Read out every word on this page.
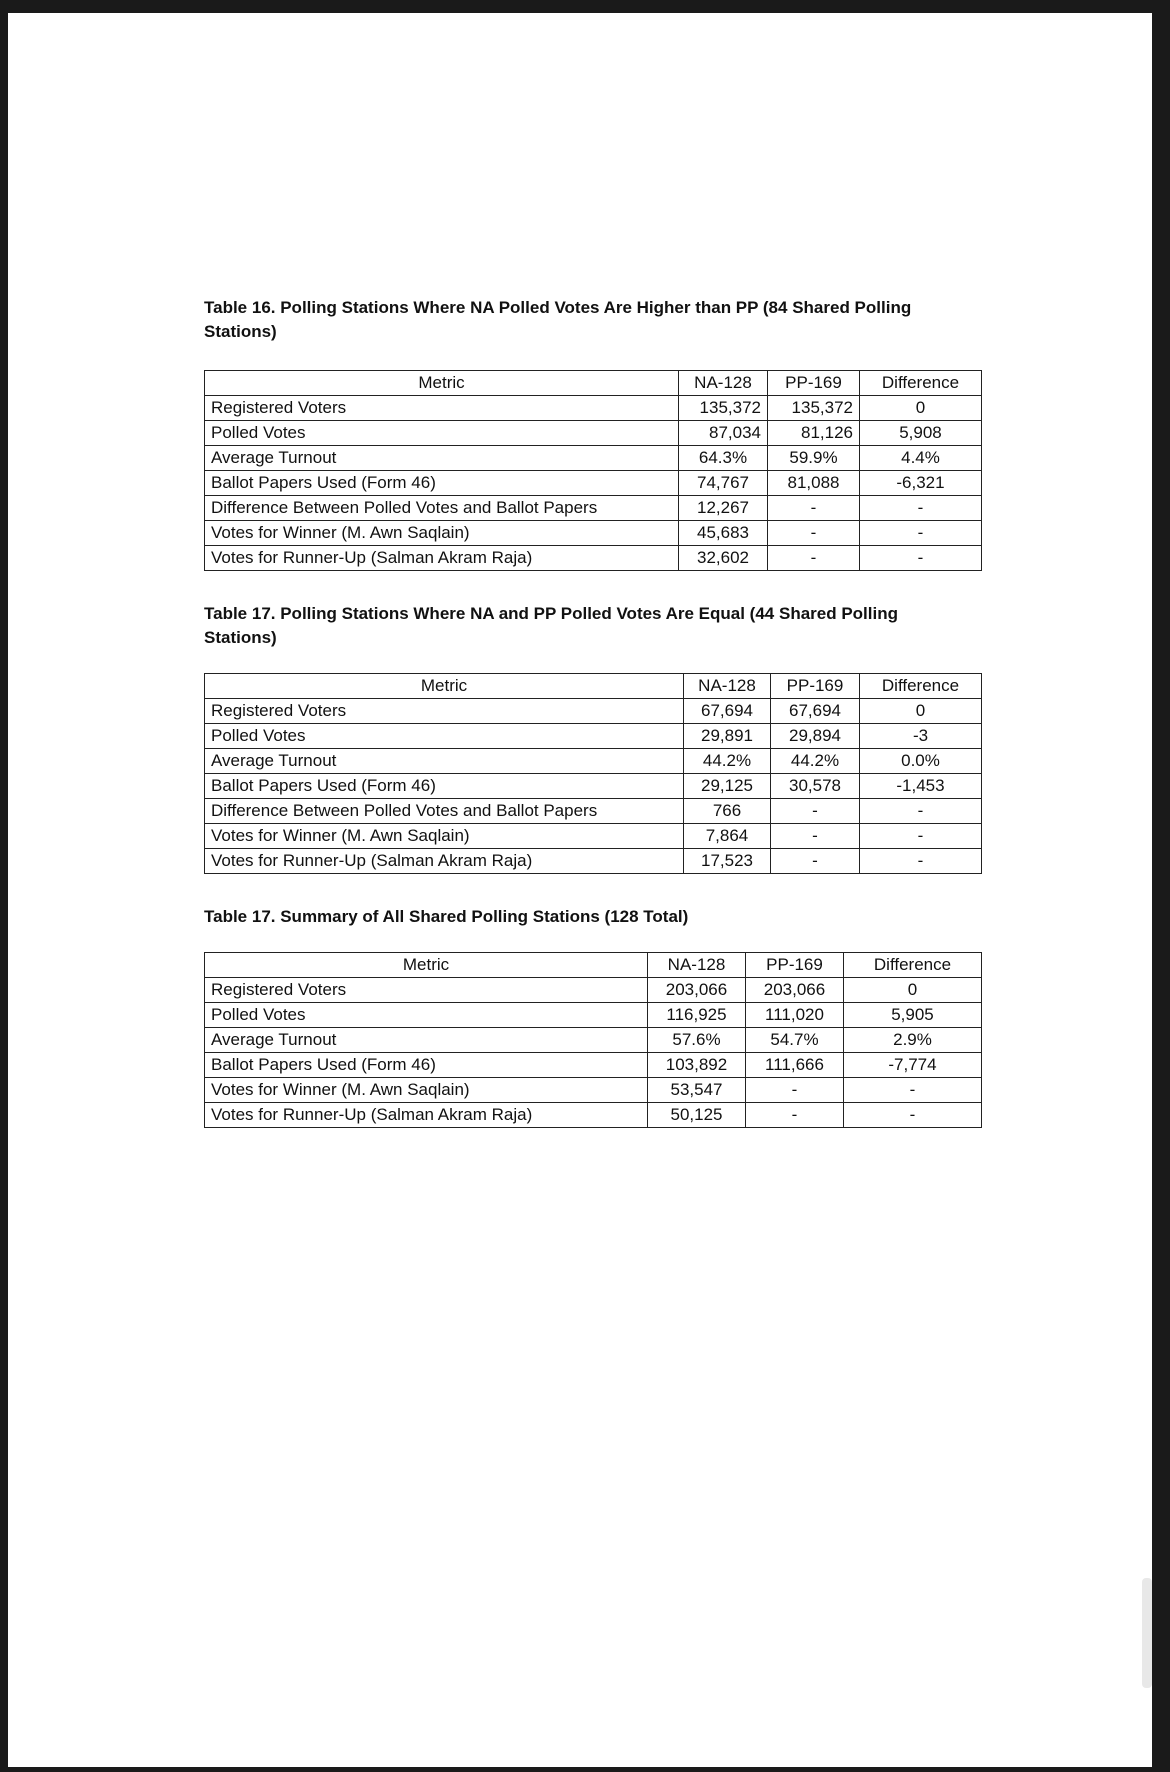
Table 16. Polling Stations Where NA Polled Votes Are Higher than PP (84 Shared Polling Stations)
Metric	NA-128	PP-169	Difference
Registered Voters	135,372	135,372	0
Polled Votes	87,034	81,126	5,908
Average Turnout	64.3%	59.9%	4.4%
Ballot Papers Used (Form 46)	74,767	81,088	-6,321
Difference Between Polled Votes and Ballot Papers	12,267	-	-
Votes for Winner (M. Awn Saqlain)	45,683	-	-
Votes for Runner-Up (Salman Akram Raja)	32,602	-	-
Table 17. Polling Stations Where NA and PP Polled Votes Are Equal (44 Shared Polling Stations)
Metric	NA-128	PP-169	Difference
Registered Voters	67,694	67,694	0
Polled Votes	29,891	29,894	-3
Average Turnout	44.2%	44.2%	0.0%
Ballot Papers Used (Form 46)	29,125	30,578	-1,453
Difference Between Polled Votes and Ballot Papers	766	-	-
Votes for Winner (M. Awn Saqlain)	7,864	-	-
Votes for Runner-Up (Salman Akram Raja)	17,523	-	-
Table 17. Summary of All Shared Polling Stations (128 Total)
Metric	NA-128	PP-169	Difference
Registered Voters	203,066	203,066	0
Polled Votes	116,925	111,020	5,905
Average Turnout	57.6%	54.7%	2.9%
Ballot Papers Used (Form 46)	103,892	111,666	-7,774
Votes for Winner (M. Awn Saqlain)	53,547	-	-
Votes for Runner-Up (Salman Akram Raja)	50,125	-	-
